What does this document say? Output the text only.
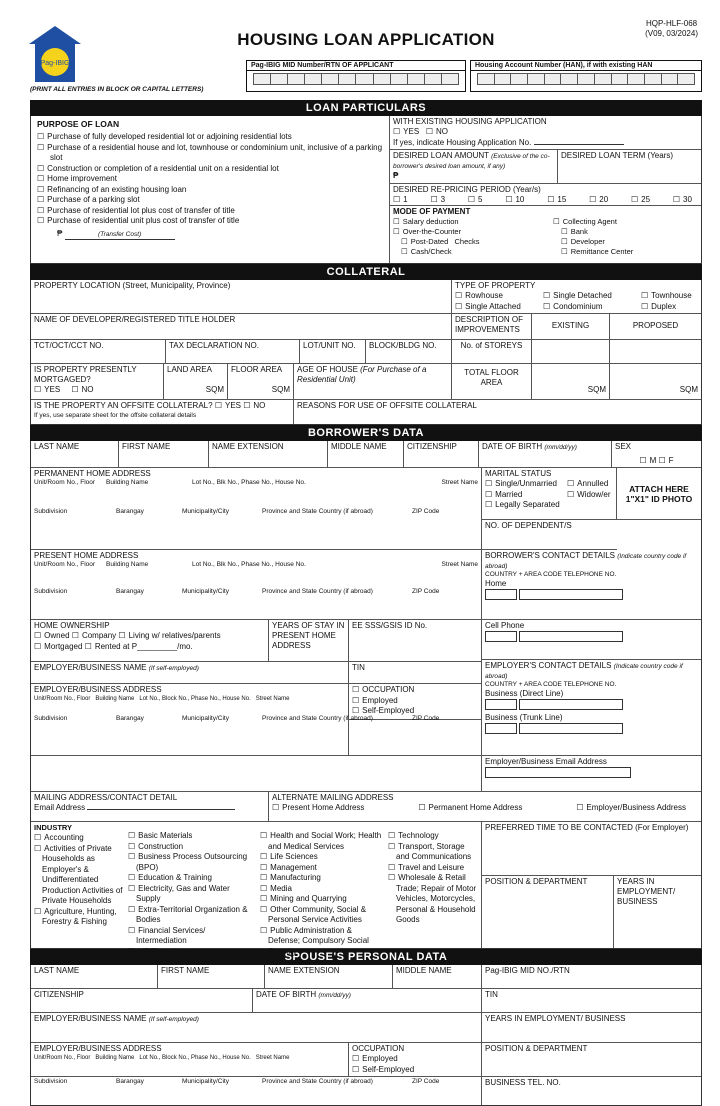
Pag-IBIG
HOUSING LOAN APPLICATION
HQP-HLF-068
(V09, 03/2024)
Pag-IBIG MID Number/RTN OF APPLICANT	Housing Account Number (HAN), if with existing HAN
(PRINT ALL ENTRIES IN BLOCK OR CAPITAL LETTERS)
LOAN PARTICULARS
PURPOSE OF LOAN
☐ Purchase of fully developed residential lot or adjoining residential lots
☐ Purchase of a residential house and lot, townhouse or condominium unit, inclusive of a parking slot
☐ Construction or completion of a residential unit on a residential lot
☐ Home improvement
☐ Refinancing of an existing housing loan
☐ Purchase of a parking slot
☐ Purchase of residential lot plus cost of transfer of title
☐ Purchase of residential unit plus cost of transfer of title
₱	(Transfer Cost)
WITH EXISTING HOUSING APPLICATION
☐ YES ☐ NO
If yes, indicate Housing Application No.
DESIRED LOAN AMOUNT (Exclusive of the co-borrower's desired loan amount, if any)
₱
DESIRED LOAN TERM (Years)
DESIRED RE-PRICING PERIOD (Year/s)
☐ 1	☐ 3	☐ 5	☐ 10	☐ 15	☐ 20	☐ 25	☐ 30
MODE OF PAYMENT
☐ Salary deduction
☐ Over-the-Counter
☐ Post-Dated   Checks
☐ Cash/Check
☐ Collecting Agent
☐ Bank
☐ Developer
☐ Remittance Center
COLLATERAL
PROPERTY LOCATION (Street, Municipality, Province)	TYPE OF PROPERTY
☐ Rowhouse	☐ Single Detached	☐ Townhouse
☐ Single Attached	☐ Condominium	☐ Duplex
NAME OF DEVELOPER/REGISTERED TITLE HOLDER	DESCRIPTION OF IMPROVEMENTS	EXISTING	PROPOSED
TCT/OCT/CCT NO.	TAX DECLARATION NO.	LOT/UNIT NO.	BLOCK/BLDG NO.	No. of STOREYS
IS PROPERTY PRESENTLY MORTGAGED?
☐ YES	☐ NO
LAND AREA
SQM
FLOOR AREA
SQM
AGE OF HOUSE (For Purchase of a Residential Unit)
TOTAL FLOOR AREA
SQM	SQM
IS THE PROPERTY AN OFFSITE COLLATERAL? ☐ YES ☐ NO
If yes, use separate sheet for the offsite collateral details
REASONS FOR USE OF OFFSITE COLLATERAL
BORROWER'S DATA
LAST NAME	FIRST NAME	NAME EXTENSION	MIDDLE NAME	CITIZENSHIP	DATE OF BIRTH (mm/dd/yy)	SEX
☐ M ☐ F
PERMANENT HOME ADDRESS
Unit/Room No., Floor	Building Name	Lot No., Blk No., Phase No., House No.	Street Name
Subdivision	Barangay	Municipality/City	Province and State Country (if abroad)	ZIP Code
PRESENT HOME ADDRESS
Unit/Room No., Floor	Building Name	Lot No., Blk No., Phase No., House No.	Street Name
Subdivision	Barangay	Municipality/City	Province and State Country (if abroad)	ZIP Code
MARITAL STATUS
☐ Single/Unmarried	☐ Annulled
☐ Married	☐ Widow/er
☐ Legally Separated
ATTACH HERE 1"X1" ID PHOTO
NO. OF DEPENDENT/S
BORROWER'S CONTACT DETAILS (Indicate country code if abroad)
COUNTRY + AREA CODE TELEPHONE NO.
Home

HOME OWNERSHIP
☐ Owned ☐ Company ☐ Living w/ relatives/parents
☐ Mortgaged ☐ Rented at P_________/mo.
YEARS OF STAY IN PRESENT HOME ADDRESS
EE SSS/GSIS ID No.
EMPLOYER/BUSINESS NAME (If self-employed)	TIN
EMPLOYER/BUSINESS ADDRESS
Unit/Room No., Floor   Building Name   Lot No., Block No., Phase No., House No.   Street Name
Subdivision	Barangay	Municipality/City	Province and State Country (if abroad)	ZIP Code
☐ OCCUPATION
☐ Employed
☐ Self-Employed
Cell Phone

EMPLOYER'S CONTACT DETAILS (Indicate country code if abroad)
COUNTRY + AREA CODE TELEPHONE NO.
Business (Direct Line)

Business (Trunk Line)

Employer/Business Email Address
MAILING ADDRESS/CONTACT DETAIL
Email Address
ALTERNATE MAILING ADDRESS
☐ Present Home Address	☐ Permanent Home Address	☐ Employer/Business Address
INDUSTRY
☐ Accounting
☐ Activities of Private Households as Employer's & Undifferentiated Production Activities of Private Households
☐ Agriculture, Hunting, Forestry & Fishing
☐ Basic Materials
☐ Construction
☐ Business Process Outsourcing (BPO)
☐ Education & Training
☐ Electricity, Gas and Water Supply
☐ Extra-Territorial Organization & Bodies
☐ Financial Services/ Intermediation
☐ HR/Recruitment
☐ Health and Social Work; Health and Medical Services
☐ Life Sciences
☐ Management
☐ Manufacturing
☐ Media
☐ Mining and Quarrying
☐ Other Community, Social & Personal Service Activities
☐ Public Administration & Defense; Compulsory Social Security
☐ Technology
☐ Transport, Storage and Communications
☐ Travel and Leisure
☐ Wholesale & Retail Trade; Repair of Motor Vehicles, Motorcycles, Personal & Household Goods
PREFERRED TIME TO BE CONTACTED (For Employer)
POSITION & DEPARTMENT	YEARS IN EMPLOYMENT/ BUSINESS
SPOUSE'S PERSONAL DATA
LAST NAME	FIRST NAME	NAME EXTENSION	MIDDLE NAME	Pag-IBIG MID NO./RTN
CITIZENSHIP	DATE OF BIRTH (mm/dd/yy)	TIN
EMPLOYER/BUSINESS NAME (If self-employed)	YEARS IN EMPLOYMENT/ BUSINESS
EMPLOYER/BUSINESS ADDRESS
Unit/Room No., Floor   Building Name   Lot No., Block No., Phase No., House No.   Street Name
OCCUPATION
☐ Employed
☐ Self-Employed
POSITION & DEPARTMENT
Subdivision	Barangay	Municipality/City	Province and State Country (if abroad)	ZIP Code	BUSINESS TEL. NO.
